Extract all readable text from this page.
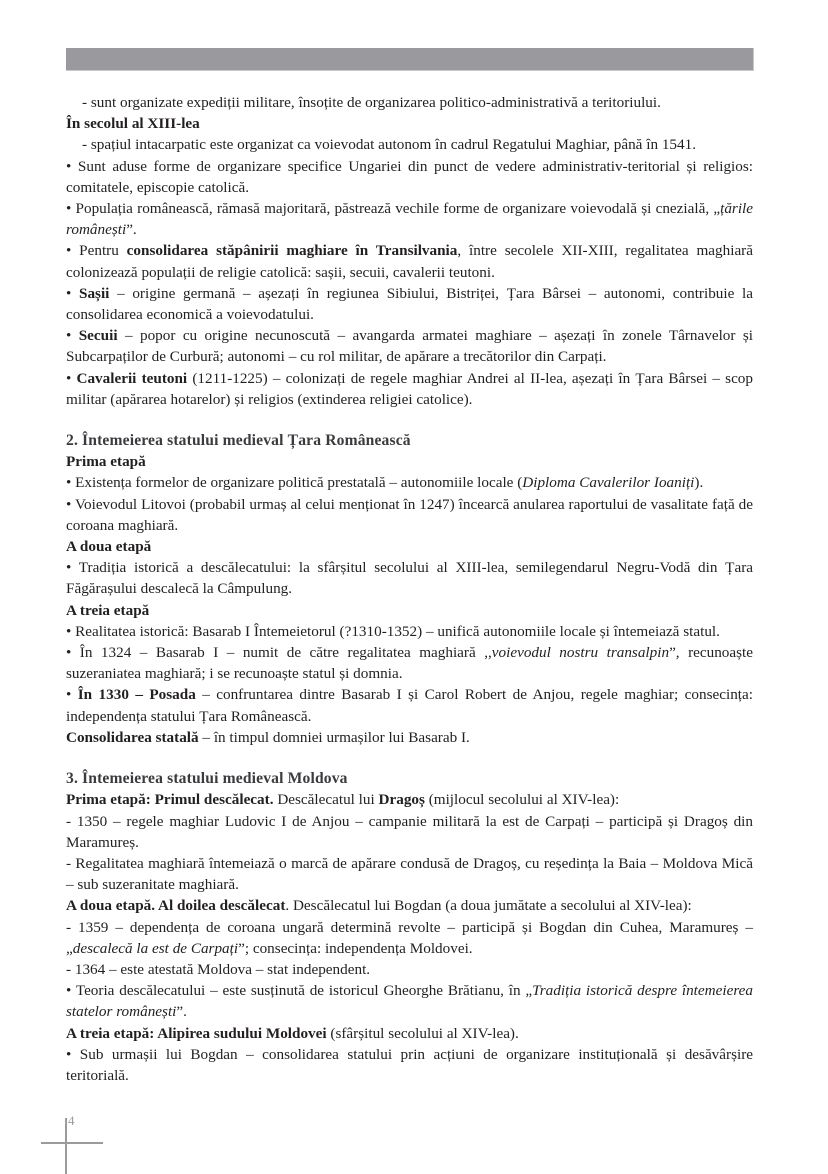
- sunt organizate expediții militare, însoțite de organizarea politico-administrativă a teritoriului.

În secolul al XIII-lea

- spațiul intacarpatic este organizat ca voievodat autonom în cadrul Regatului Maghiar, până în 1541.

• Sunt aduse forme de organizare specifice Ungariei din punct de vedere administrativ-teritorial și religios: comitatele, episcopie catolică.

• Populația românească, rămasă majoritară, păstrează vechile forme de organizare voievodală și cnezială, „țările românești”.

• Pentru consolidarea stăpânirii maghiare în Transilvania, între secolele XII-XIII, regalitatea maghiară colonizează populații de religie catolică: sașii, secuii, cavalerii teutoni.

• Sașii – origine germană – așezați în regiunea Sibiului, Bistriței, Țara Bârsei – autonomi, contribuie la consolidarea economică a voievodatului.

• Secuii – popor cu origine necunoscută – avangarda armatei maghiare – așezați în zonele Târnavelor și Subcarpaților de Curbură; autonomi – cu rol militar, de apărare a trecătorilor din Carpați.

• Cavalerii teutoni (1211-1225) – colonizați de regele maghiar Andrei al II-lea, așezați în Țara Bârsei – scop militar (apărarea hotarelor) și religios (extinderea religiei catolice).

2. Întemeierea statului medieval Țara Românească

Prima etapă

• Existența formelor de organizare politică prestatală – autonomiile locale (Diploma Cavalerilor Ioaniți).

• Voievodul Litovoi (probabil urmaș al celui menționat în 1247) încearcă anularea raportului de vasalitate față de coroana maghiară.

A doua etapă

• Tradiția istorică a descălecatului: la sfârșitul secolului al XIII-lea, semilegendarul Negru-Vodă din Țara Făgărașului descalecă la Câmpulung.

A treia etapă

• Realitatea istorică: Basarab I Întemeietorul (?1310-1352) – unifică autonomiile locale și întemeiază statul.

• În 1324 – Basarab I – numit de către regalitatea maghiară ,,voievodul nostru transalpin”, recunoaște suzeraniatea maghiară; i se recunoaște statul și domnia.

• În 1330 – Posada – confruntarea dintre Basarab I și Carol Robert de Anjou, regele maghiar; consecința: independența statului Țara Românească.

Consolidarea statală – în timpul domniei urmașilor lui Basarab I.

3. Întemeierea statului medieval Moldova

Prima etapă: Primul descălecat. Descălecatul lui Dragoș (mijlocul secolului al XIV-lea):

- 1350 – regele maghiar Ludovic I de Anjou – campanie militară la est de Carpați – participă și Dragoș din Maramureș.

- Regalitatea maghiară întemeiază o marcă de apărare condusă de Dragoș, cu reședința la Baia – Moldova Mică – sub suzeranitate maghiară.

A doua etapă. Al doilea descălecat. Descălecatul lui Bogdan (a doua jumătate a secolului al XIV-lea):

- 1359 – dependența de coroana ungară determină revolte – participă și Bogdan din Cuhea, Maramureș – „descalecă la est de Carpați”; consecința: independența Moldovei.

- 1364 – este atestată Moldova – stat independent.

• Teoria descălecatului – este susținută de istoricul Gheorghe Brătianu, în „Tradiția istorică despre întemeierea statelor românești”.

A treia etapă: Alipirea sudului Moldovei (sfârșitul secolului al XIV-lea).

• Sub urmașii lui Bogdan – consolidarea statului prin acțiuni de organizare instituțională și desăvârșire teritorială.

4
